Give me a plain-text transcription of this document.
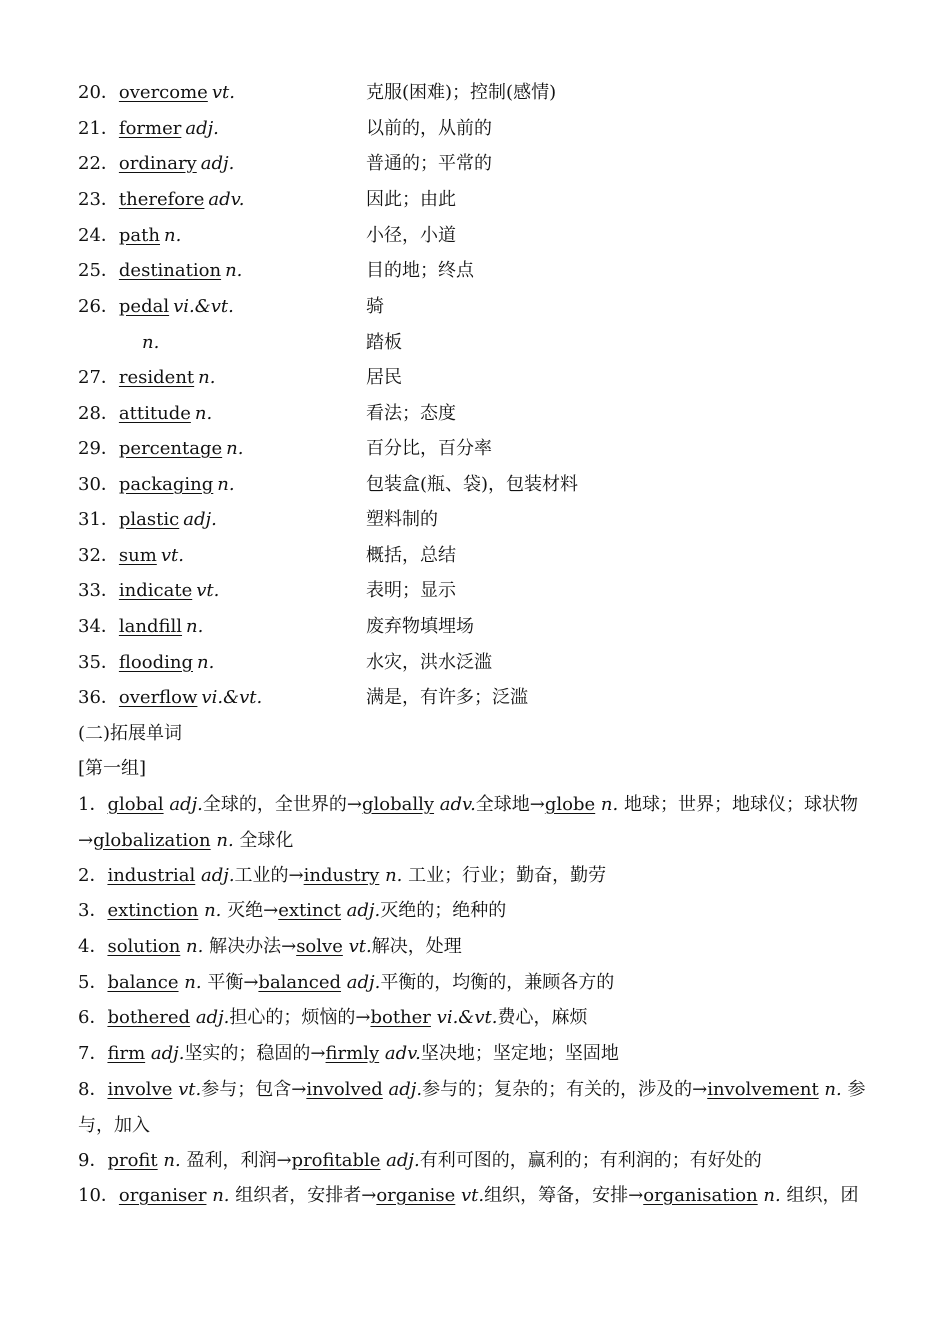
20．overcome vt.	克服(困难)；控制(感情)
21．former adj.	以前的，从前的
22．ordinary adj.	普通的；平常的
23．therefore adv.	因此；由此
24．path n.	小径，小道
25．destination n.	目的地；终点
26．pedal vi.&vt.	骑
n.	踏板
27．resident n.	居民
28．attitude n.	看法；态度
29．percentage n.	百分比，百分率
30．packaging n.	包装盒(瓶、袋)，包装材料
31．plastic adj.	塑料制的
32．sum vt.	概括，总结
33．indicate vt.	表明；显示
34．landfill n.	废弃物填埋场
35．flooding n.	水灾，洪水泛滥
36．overflow vi.&vt.	满是，有许多；泛滥
(二)拓展单词
[第一组]
1．global adj.全球的，全世界的→globally adv.全球地→globe n. 地球；世界；地球仪；球状物→globalization n. 全球化
2．industrial adj.工业的→industry n. 工业；行业；勤奋，勤劳
3．extinction n. 灭绝→extinct adj.灭绝的；绝种的
4．solution n. 解决办法→solve vt.解决，处理
5．balance n. 平衡→balanced adj.平衡的，均衡的，兼顾各方的
6．bothered adj.担心的；烦恼的→bother vi.&vt.费心，麻烦
7．firm adj.坚实的；稳固的→firmly adv.坚决地；坚定地；坚固地
8．involve vt.参与；包含→involved adj.参与的；复杂的；有关的，涉及的→involvement n. 参与，加入
9．profit n. 盈利，利润→profitable adj.有利可图的，赢利的；有利润的；有好处的
10．organiser n. 组织者，安排者→organise vt.组织，筹备，安排→organisation n. 组织，团
